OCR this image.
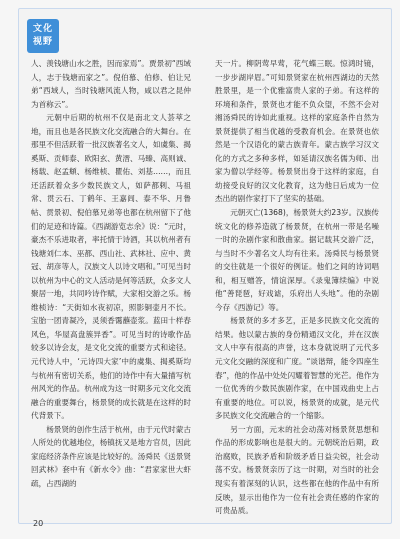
文化
视野

人、羡钱塘山水之胜，因而家焉”。贾景初“西域人，志于钱塘而家之”。倪伯慕、伯修、伯让兄弟“西域人，当时钱塘风流人物，咸以君之昆仲为首称云”。

元朝中后期的杭州不仅是南北文人荟萃之地，而且也是各民族文化交流融合的大舞台。在那里不但活跃着一批汉族著名文人，如虞集、揭奚斯、贡师泰、欧阳玄、黄溍、马臻、高则诚、杨载、赵孟頫、杨维桢、瞿佑、刘基……，而且还活跃着众多少数民族文人，如萨都剌、马祖常、贯云石、丁鹤年、王嘉闾、泰不华、月鲁帖、贯景初、倪伯慕兄弟等也都在杭州留下了他们的足迹和诗篇。《西湖游览志余》说：“元时，豪杰不乐进取者，率托情于诗酒，其以杭州者有钱塘刘仁本、巫都、西山社、武林社、应中、黄冠、胡彦等人，汉族文人以诗文唱和。”可见当时以杭州为中心的文人活动是何等活跃，众多文人聚居一地，共同吟诗作赋，大家相交游之乐。杨维桢诗：“天街如水夜初凉，照影铜壶月不长。宝胎一团青凝冷，灵须香霭蘸壶浆。蓝田十样春风色，华屋高盘簇异香”。可见当时的诗歌作品较多以诗会友，是文化交流的重要方式和途径。元代诗人中，‘元诗四大家’中的虞集、揭奚斯均与杭州有密切关系，他们的诗作中有大量描写杭州风光的作品。杭州成为这一时期多元文化交流融合的重要舞台，杨景贤的成长就是在这样的时代背景下。

杨景贤的创作生活于杭州，由于元代时蒙古人所处的优越地位，杨镇抚又是地方官员，因此家庭经济条件应该是比较好的。汤舜民《送景贤回武林》套中有《新水令》曲：“君家家世大虾疏，占西湖的

天一片。柳阴莺早莺，花气蝶三眠。惊鸿时镜，一步步湖岸眉。”可知景贤家在杭州西湖边的天然胜景里，是一个优雅富贵人家的子弟。有这样的环境和条件，景贤也才能不负众望，不然不会对湘汤舜民的诗如此重视。这样的家庭条件自然为景贤提供了相当优越的受教育机会。在景贤也依然是一个汉语化的蒙古族青年。蒙古族学习汉文化的方式之多种多样，如延请汉族名儒为师、出家为僧以学经等。杨景贤出身于这样的家庭，自幼接受良好的汉文化教育，这为他日后成为一位杰出的剧作家打下了坚实的基础。

元朝灭亡(1368)，杨景贤大约23岁。汉族传统文化的修养造就了杨景贤，在杭州一带是名噪一时的杂剧作家和散曲家。据记载其交游广泛，与当时不少著名文人均有往来。汤舜民与杨景贤的交往就是一个很好的例证。他们之间的诗词唱和，相互赠答，情谊深厚。《录鬼簿续编》中说他“善琵琶，好戏谑，乐府出人头地”。他的杂剧今存《西游记》等。

杨景贤的多才多艺，正是多民族文化交流的结果。他以蒙古族的身份精通汉文化，并在汉族文人中享有很高的声誉，这本身就说明了元代多元文化交融的深度和广度。“谈谐辩，能令四座生春”，他的作品中处处闪耀着智慧的光芒。他作为一位优秀的少数民族剧作家，在中国戏曲史上占有重要的地位。可以说，杨景贤的成就，是元代多民族文化交流融合的一个缩影。

另一方面，元末的社会动荡对杨景贤思想和作品的形成影响也是很大的。元朝统治后期，政治腐败，民族矛盾和阶级矛盾日益尖锐，社会动荡不安。杨景贤亲历了这一时期，对当时的社会现实有着深刻的认识，这些都在他的作品中有所反映，显示出他作为一位有社会责任感的作家的可贵品质。

20
